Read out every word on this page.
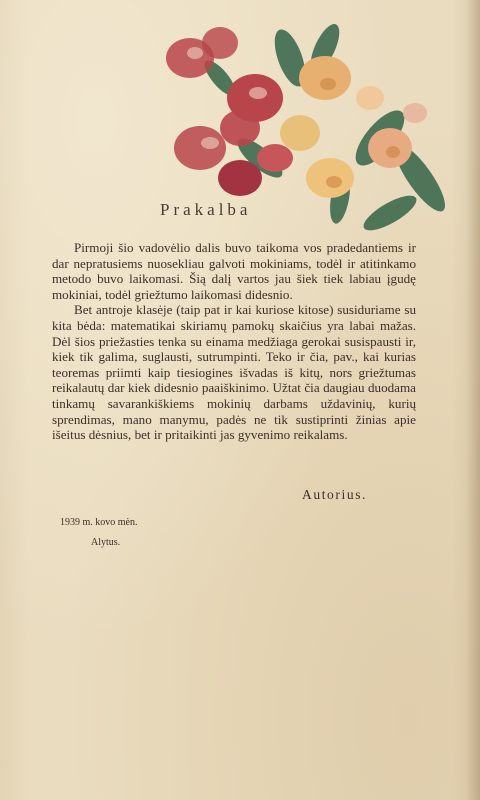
Prakalba

Pirmoji šio vadovėlio dalis buvo taikoma vos pradedantiems ir dar nepratusiems nuosekliau galvoti mokiniams, todėl ir atitinkamo metodo buvo laikomasi. Šią dalį vartos jau šiek tiek labiau įgudę mokiniai, todėl griežtumo laikomasi didesnio.

Bet antroje klasėje (taip pat ir kai kuriose kitose) susiduriame su kita bėda: matematikai skiriamų pamokų skaičius yra labai mažas. Dėl šios priežasties tenka su einama medžiaga gerokai susispausti ir, kiek tik galima, suglausti, sutrumpinti. Teko ir čia, pav., kai kurias teoremas priimti kaip tiesiogines išvadas iš kitų, nors griežtumas reikalautų dar kiek didesnio paaiškinimo. Užtat čia daugiau duodama tinkamų savarankiškiems mokinių darbams uždavinių, kurių sprendimas, mano manymu, padės ne tik sustiprinti žinias apie išeitus dėsnius, bet ir pritaikinti jas gyvenimo reikalams.

Autorius.
1939 m. kovo mėn.
Alytus.
